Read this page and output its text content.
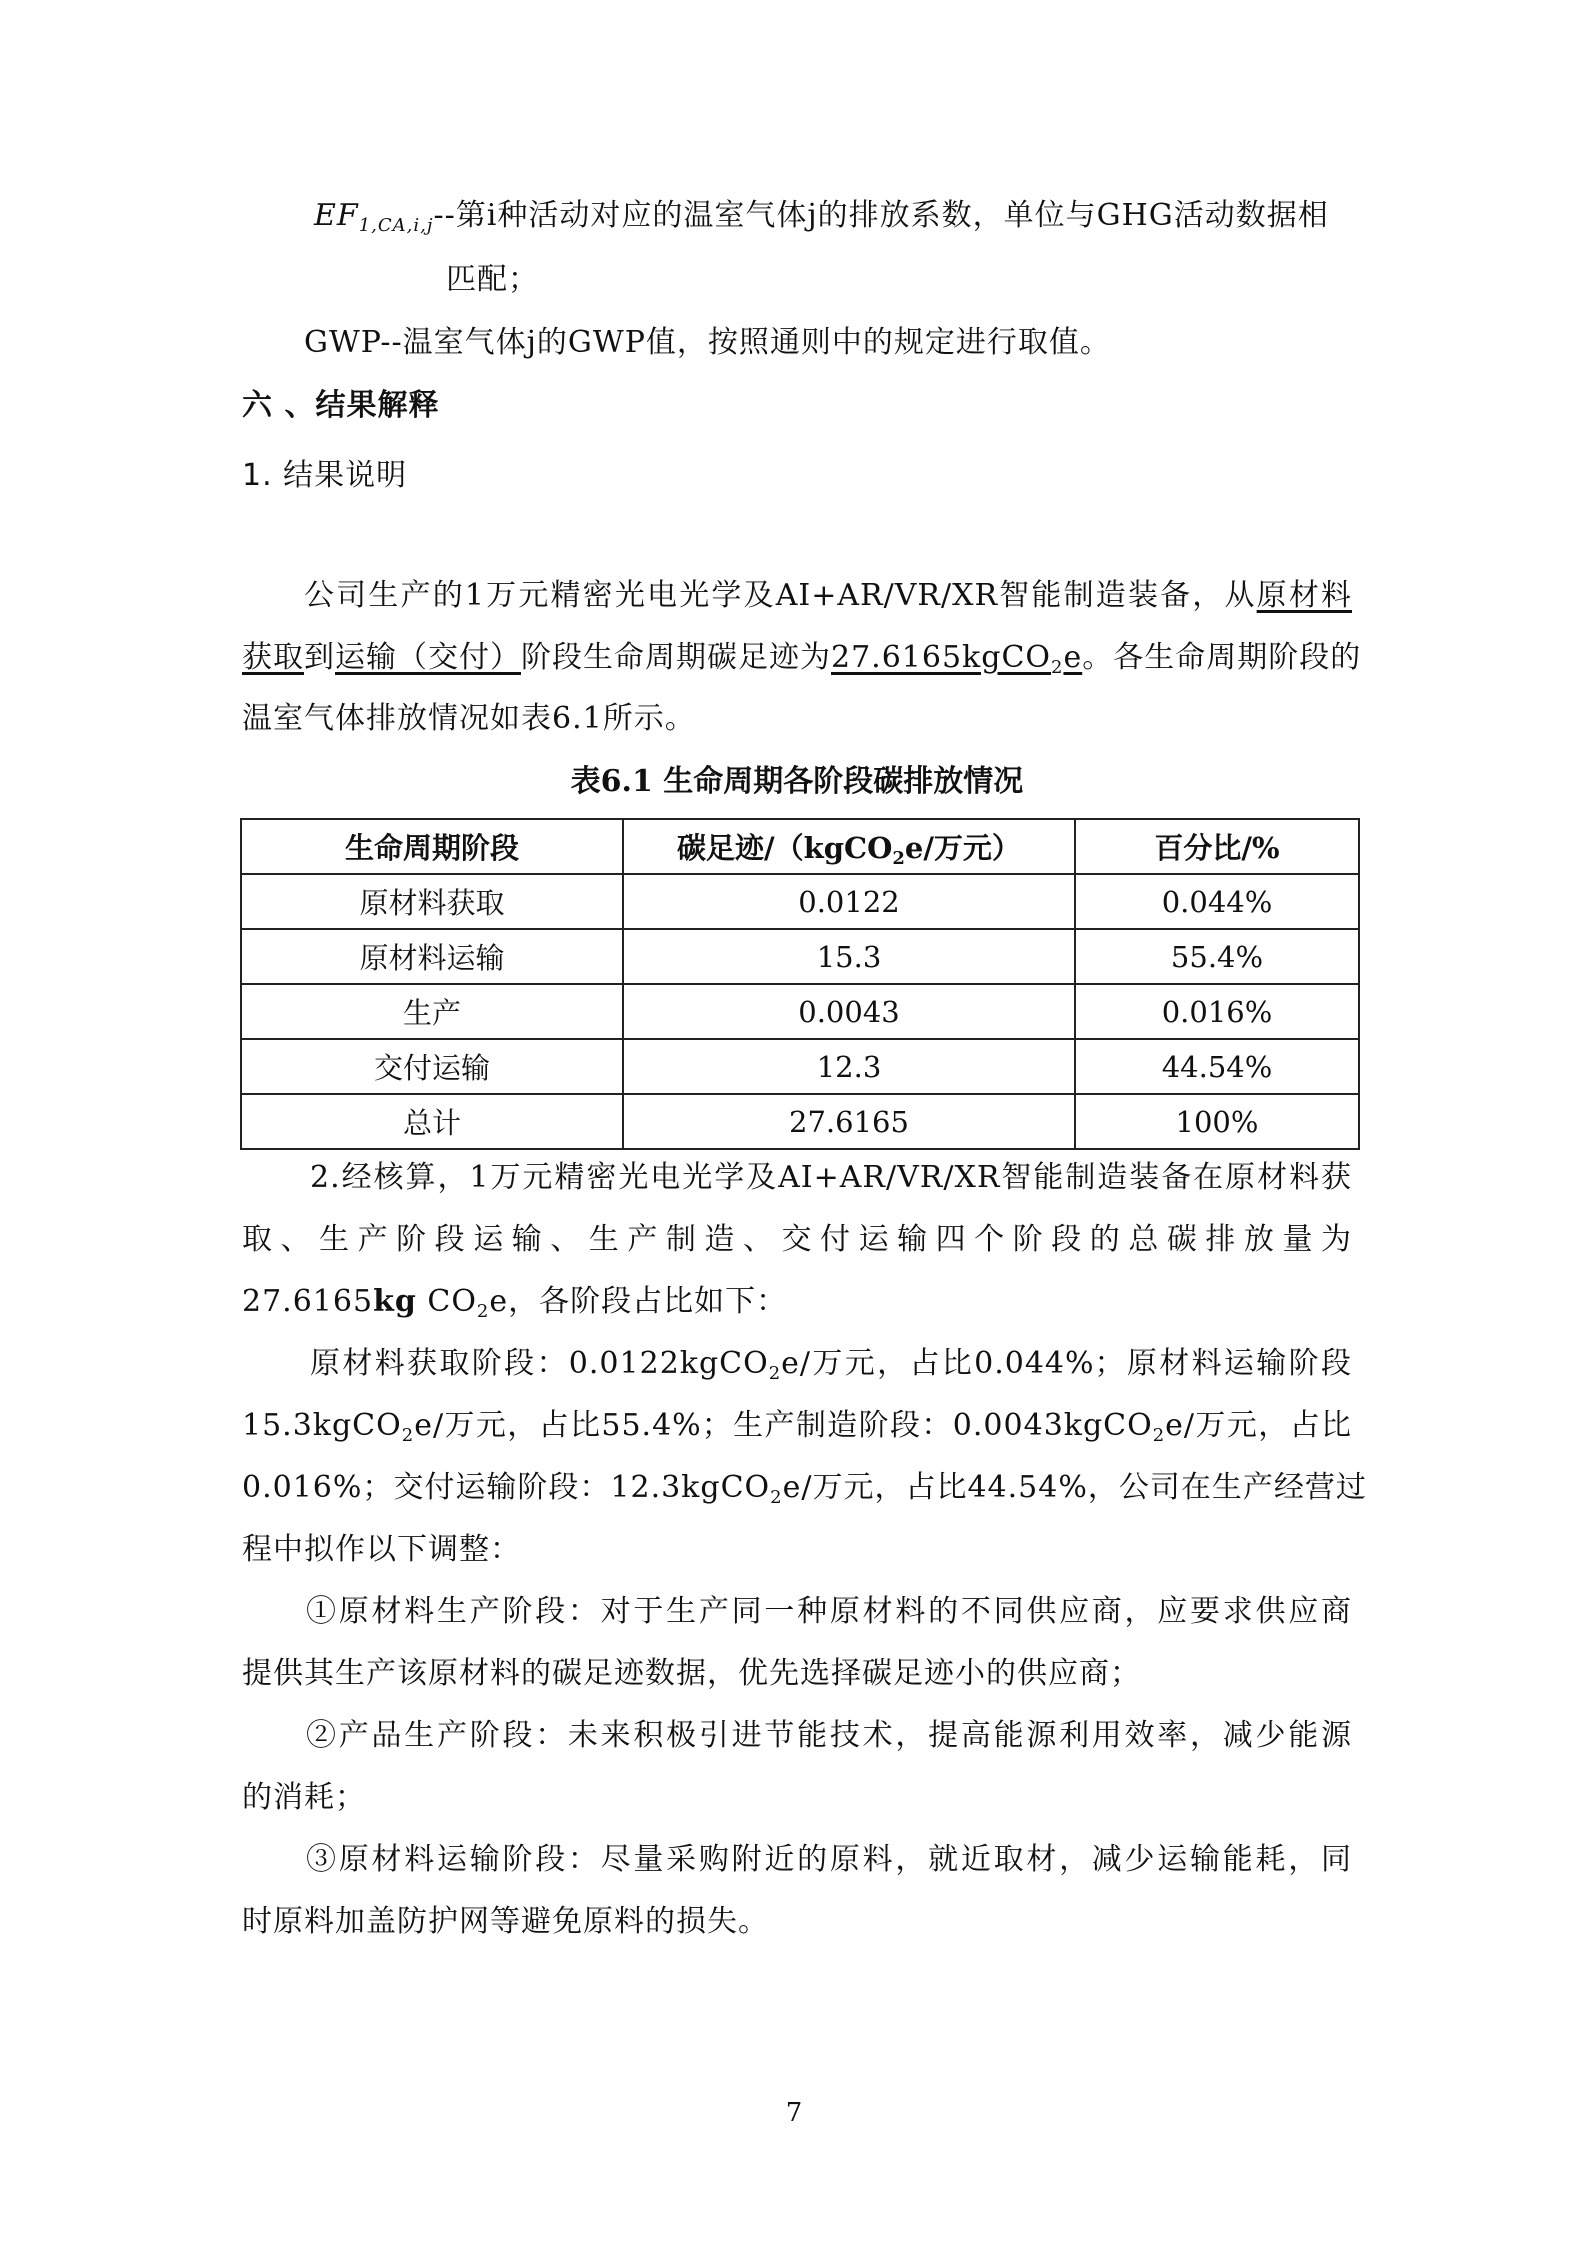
$EF_{1,CA,i,j}--$第i种活动对应的温室气体j的排放系数，单位与GHG活动数据相
匹配；
GWP--温室气体j的GWP值，按照通则中的规定进行取值。
六 、结果解释
1. 结果说明
公司生产的1万元精密光电光学及AI+AR/VR/XR智能制造装备，从原材料
获取到运输（交付）阶段生命周期碳足迹为27.6165kgCO$_2$e。各生命周期阶段的
温室气体排放情况如表6.1所示。
表6.1 生命周期各阶段碳排放情况
生命周期阶段	碳足迹/（kgCO$_2$e/万元）	百分比/%
原材料获取	0.0122	0.044%
原材料运输	15.3	55.4%
生产	0.0043	0.016%
交付运输	12.3	44.54%
总计	27.6165	100%
2.经核算，1万元精密光电光学及AI+AR/VR/XR智能制造装备在原材料获
取、生产阶段运输、生产制造、交付运输四个阶段的总碳排放量为
27.6165kg $CO_2e$，各阶段占比如下：
原材料获取阶段：0.0122kgCO$_2$e/万元，占比0.044%；原材料运输阶段
15.3kgCO$_2$e/万元，占比55.4%；生产制造阶段：0.0043kgCO$_2$e/万元，占比
0.016%；交付运输阶段：12.3kgCO$_2$e/万元，占比44.54%，公司在生产经营过
程中拟作以下调整：
①原材料生产阶段：对于生产同一种原材料的不同供应商，应要求供应商
提供其生产该原材料的碳足迹数据，优先选择碳足迹小的供应商；
②产品生产阶段：未来积极引进节能技术，提高能源利用效率，减少能源
的消耗；
③原材料运输阶段：尽量采购附近的原料，就近取材，减少运输能耗，同
时原料加盖防护网等避免原料的损失。
7
